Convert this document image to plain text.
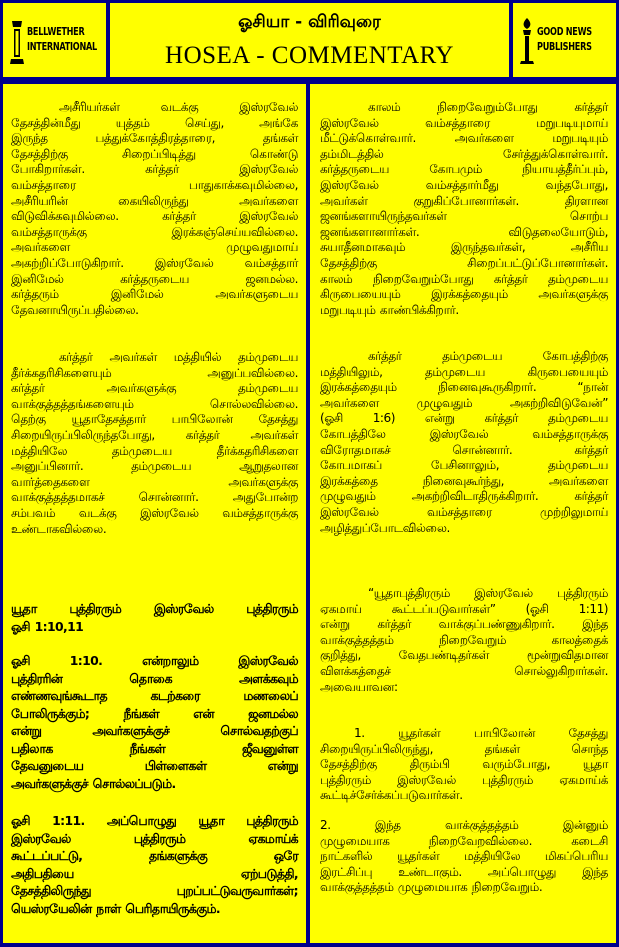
BELLWETHER
INTERNATIONAL
ஓசியா - விரிவுரை
HOSEA - COMMENTARY
GOOD NEWS
PUBLISHERS
அசீரியர்கள் வடக்கு இஸ்ரவேல்
தேசத்தின்மீது யுத்தம் செய்து, அங்கே
இருந்த பத்துக்கோத்திரத்தாரை, தங்கள்
தேசத்திற்கு சிறைப்பிடித்து கொண்டு
போகிறார்கள். கர்த்தர் இஸ்ரவேல்
வம்சத்தாரை பாதுகாக்கவுமில்லை,
அசீரியரின் கையிலிருந்து அவர்களை
விடுவிக்கவுமில்லை. கர்த்தர் இஸ்ரவேல்
வம்சத்தாருக்கு இரக்கஞ்செய்யவில்லை.
அவர்களை முழுவதுமாய்
அகற்றிப்போடுகிறார். இஸ்ரவேல் வம்சத்தார்
இனிமேல் கர்த்தருடைய ஜனமல்ல.
கர்த்தரும் இனிமேல் அவர்களுடைய
தேவனாயிருப்பதில்லை.
கர்த்தர் அவர்கள் மத்தியில் தம்முடைய
தீர்க்கதரிசிகளையும் அனுப்பவில்லை.
கர்த்தர் அவர்களுக்கு தம்முடைய
வாக்குத்தத்தங்களையும் சொல்லவில்லை.
தெற்கு யூதாதேசத்தார் பாபிலோன் தேசத்து
சிறையிருப்பிலிருந்தபோது, கர்த்தர் அவர்கள்
மத்தியிலே தம்முடைய தீர்க்கதரிசிகளை
அனுப்பினார். தம்முடைய ஆறுதலான
வார்த்தைகளை அவர்களுக்கு
வாக்குத்தத்தமாகச் சொன்னார். அதுபோன்ற
சம்பவம் வடக்கு இஸ்ரவேல் வம்சத்தாருக்கு
உண்டாகவில்லை.
யூதா புத்திரரும் இஸ்ரவேல் புத்திரரும்
ஓசி 1:10,11
ஓசி 1:10. என்றாலும் இஸ்ரவேல்
புத்திரரின் தொகை அளக்கவும்
எண்ணவுங்கூடாத கடற்கரை மணலைப்
போலிருக்கும்; நீங்கள் என் ஜனமல்ல
என்று அவர்களுக்குச் சொல்வதற்குப்
பதிலாக நீங்கள் ஜீவனுள்ள
தேவனுடைய பிள்ளைகள் என்று
அவர்களுக்குச் சொல்லப்படும்.
ஓசி 1:11. அப்பொழுது யூதா புத்திரரும்
இஸ்ரவேல் புத்திரரும் ஏகமாய்க்
கூட்டப்பட்டு, தங்களுக்கு ஒரே
அதிபதியை ஏற்படுத்தி,
தேசத்திலிருந்து புறப்பட்டுவருவார்கள்;
யெஸ்ரயேலின் நாள் பெரிதாயிருக்கும்.
காலம் நிறைவேறும்போது கர்த்தர்
இஸ்ரவேல் வம்சத்தாரை மறுபடியுமாய்
மீட்டுக்கொள்வார். அவர்களை மறுபடியும்
தம்மிடத்தில் சேர்த்துக்கொள்வார்.
கர்த்தருடைய கோபமும் நியாயத்தீர்ப்பும்,
இஸ்ரவேல் வம்சத்தார்மீது வந்தபோது,
அவர்கள் குறுகிப்போனார்கள். திரளான
ஜனங்களாயிருந்தவர்கள் சொற்ப
ஜனங்களானார்கள். விடுதலையோடும்,
சுயாதீனமாகவும் இருந்தவர்கள், அசீரிய
தேசத்திற்கு சிறைப்பட்டுப்போனார்கள்.
காலம் நிறைவேறும்போது கர்த்தர் தம்முடைய
கிருபையையும் இரக்கத்தையும் அவர்களுக்கு
மறுபடியும் காண்பிக்கிறார்.
கர்த்தர் தம்முடைய கோபத்திற்கு
மத்தியிலும், தம்முடைய கிருபையையும்
இரக்கத்தையும் நினைவுகூருகிறார். “நான்
அவர்களை முழுவதும் அகற்றிவிடுவேன்”
(ஓசி 1:6) என்று கர்த்தர் தம்முடைய
கோபத்திலே இஸ்ரவேல் வம்சத்தாருக்கு
விரோதமாகச் சொன்னார். கர்த்தர்
கோபமாகப் பேசினாலும், தம்முடைய
இரக்கத்தை நினைவுகூர்ந்து, அவர்களை
முழுவதும் அகற்றிவிடாதிருக்கிறார். கர்த்தர்
இஸ்ரவேல் வம்சத்தாரை முற்றிலுமாய்
அழித்துப்போடவில்லை.
“யூதாபுத்திரரும் இஸ்ரவேல் புத்திரரும்
ஏகமாய் கூட்டப்படுவார்கள்” (ஓசி 1:11)
என்று கர்த்தர் வாக்குப்பண்ணுகிறார். இந்த
வாக்குத்தத்தம் நிறைவேறும் காலத்தைக்
குறித்து, வேதபண்டிதர்கள் மூன்றுவிதமான
விளக்கத்தைச் சொல்லுகிறார்கள்.
அவையாவன:
1. யூதர்கள் பாபிலோன் தேசத்து
சிறையிருப்பிலிருந்து, தங்கள் சொந்த
தேசத்திற்கு திரும்பி வரும்போது, யூதா
புத்திரரும் இஸ்ரவேல் புத்திரரும் ஏகமாய்க்
கூட்டிச்சேர்க்கப்படுவார்கள்.
2. இந்த வாக்குத்தத்தம் இன்னும்
முழுமையாக நிறைவேறவில்லை. கடைசி
நாட்களில் யூதர்கள் மத்தியிலே மிகப்பெரிய
இரட்சிப்பு உண்டாகும். அப்பொழுது இந்த
வாக்குத்தத்தம் முழுமையாக நிறைவேறும்.
